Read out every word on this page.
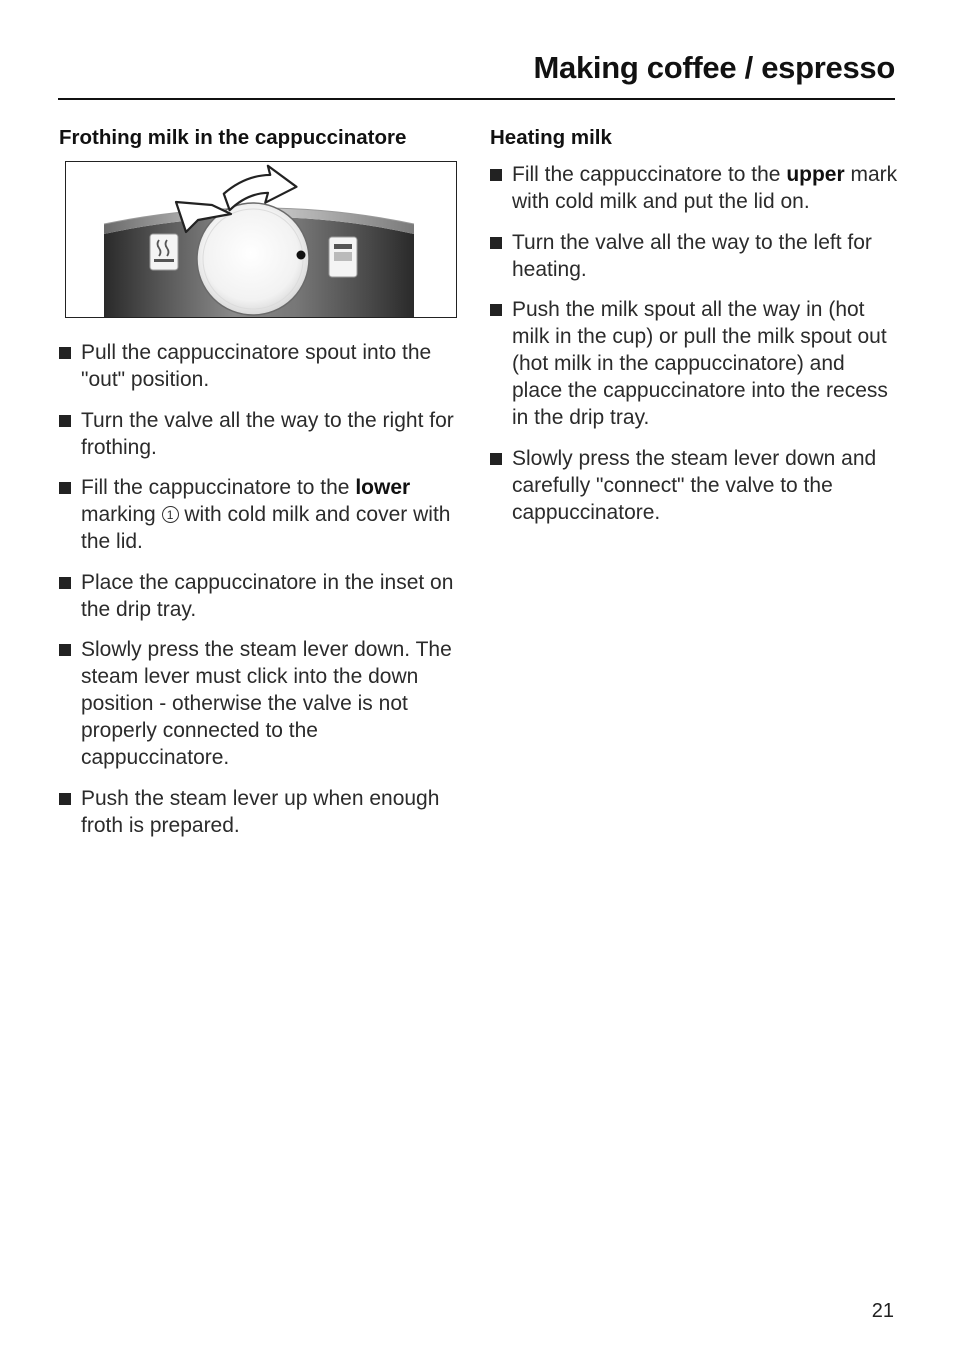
Making coffee / espresso
Frothing milk in the cappuccinatore
Pull the cappuccinatore spout into the "out" position.
Turn the valve all the way to the right for frothing.
Fill the cappuccinatore to the lower marking 1 with cold milk and cover with the lid.
Place the cappuccinatore in the inset on the drip tray.
Slowly press the steam lever down. The steam lever must click into the down position - otherwise the valve is not properly connected to the cappuccinatore.
Push the steam lever up when enough froth is prepared.
Heating milk
Fill the cappuccinatore to the upper mark with cold milk and put the lid on.
Turn the valve all the way to the left for heating.
Push the milk spout all the way in (hot milk in the cup) or pull the milk spout out (hot milk in the cappuccinatore) and place the cappuccinatore into the recess in the drip tray.
Slowly press the steam lever down and carefully "connect" the valve to the cappuccinatore.
21
